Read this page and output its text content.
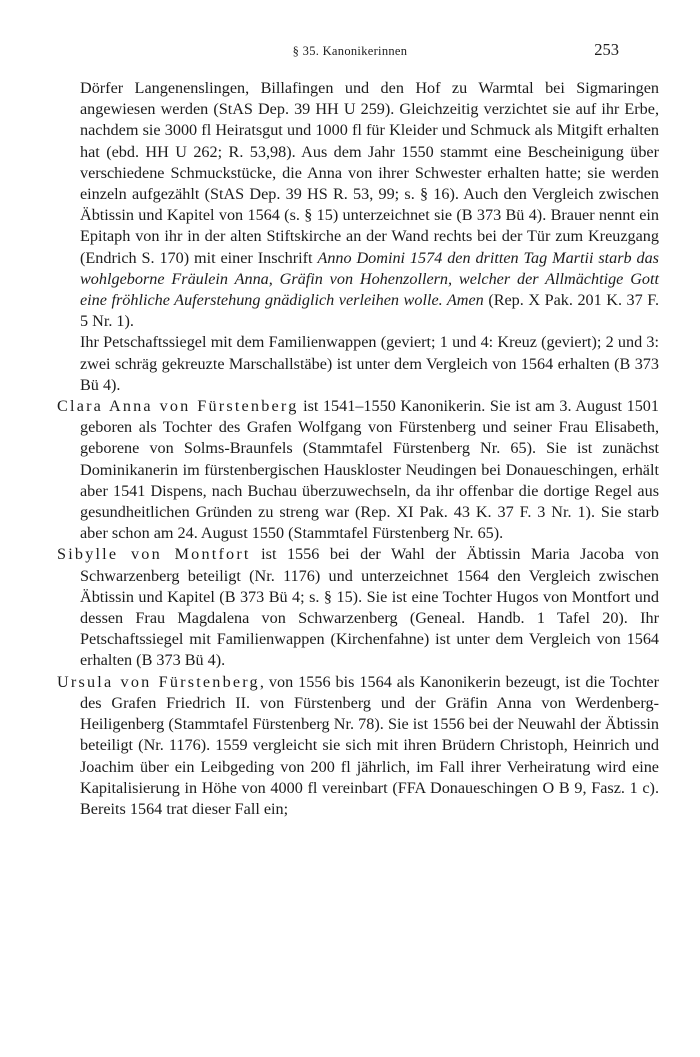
§ 35. Kanonikerinnen	253

Dörfer Langenenslingen, Billafingen und den Hof zu Warmtal bei Sigmaringen angewiesen werden (StAS Dep. 39 HH U 259). Gleichzeitig verzichtet sie auf ihr Erbe, nachdem sie 3000 fl Heiratsgut und 1000 fl für Kleider und Schmuck als Mitgift erhalten hat (ebd. HH U 262; R. 53,98). Aus dem Jahr 1550 stammt eine Bescheinigung über verschiedene Schmuckstücke, die Anna von ihrer Schwester erhalten hatte; sie werden einzeln aufgezählt (StAS Dep. 39 HS R. 53, 99; s. § 16). Auch den Vergleich zwischen Äbtissin und Kapitel von 1564 (s. § 15) unterzeichnet sie (B 373 Bü 4). Brauer nennt ein Epitaph von ihr in der alten Stiftskirche an der Wand rechts bei der Tür zum Kreuzgang (Endrich S. 170) mit einer Inschrift Anno Domini 1574 den dritten Tag Martii starb das wohlgeborne Fräulein Anna, Gräfin von Hohenzollern, welcher der Allmächtige Gott eine fröhliche Auferstehung gnädiglich verleihen wolle. Amen (Rep. X Pak. 201 K. 37 F. 5 Nr. 1).

Ihr Petschaftssiegel mit dem Familienwappen (geviert; 1 und 4: Kreuz (geviert); 2 und 3: zwei schräg gekreuzte Marschallstäbe) ist unter dem Vergleich von 1564 erhalten (B 373 Bü 4).

Clara Anna von Fürstenberg ist 1541–1550 Kanonikerin. Sie ist am 3. August 1501 geboren als Tochter des Grafen Wolfgang von Fürstenberg und seiner Frau Elisabeth, geborene von Solms-Braunfels (Stammtafel Fürstenberg Nr. 65). Sie ist zunächst Dominikanerin im fürstenbergischen Hauskloster Neudingen bei Donaueschingen, erhält aber 1541 Dispens, nach Buchau überzuwechseln, da ihr offenbar die dortige Regel aus gesundheitlichen Gründen zu streng war (Rep. XI Pak. 43 K. 37 F. 3 Nr. 1). Sie starb aber schon am 24. August 1550 (Stammtafel Fürstenberg Nr. 65).

Sibylle von Montfort ist 1556 bei der Wahl der Äbtissin Maria Jacoba von Schwarzenberg beteiligt (Nr. 1176) und unterzeichnet 1564 den Vergleich zwischen Äbtissin und Kapitel (B 373 Bü 4; s. § 15). Sie ist eine Tochter Hugos von Montfort und dessen Frau Magdalena von Schwarzenberg (Geneal. Handb. 1 Tafel 20). Ihr Petschaftssiegel mit Familienwappen (Kirchenfahne) ist unter dem Vergleich von 1564 erhalten (B 373 Bü 4).

Ursula von Fürstenberg, von 1556 bis 1564 als Kanonikerin bezeugt, ist die Tochter des Grafen Friedrich II. von Fürstenberg und der Gräfin Anna von Werdenberg-Heiligenberg (Stammtafel Fürstenberg Nr. 78). Sie ist 1556 bei der Neuwahl der Äbtissin beteiligt (Nr. 1176). 1559 vergleicht sie sich mit ihren Brüdern Christoph, Heinrich und Joachim über ein Leibgeding von 200 fl jährlich, im Fall ihrer Verheiratung wird eine Kapitalisierung in Höhe von 4000 fl vereinbart (FFA Donaueschingen O B 9, Fasz. 1 c). Bereits 1564 trat dieser Fall ein;
